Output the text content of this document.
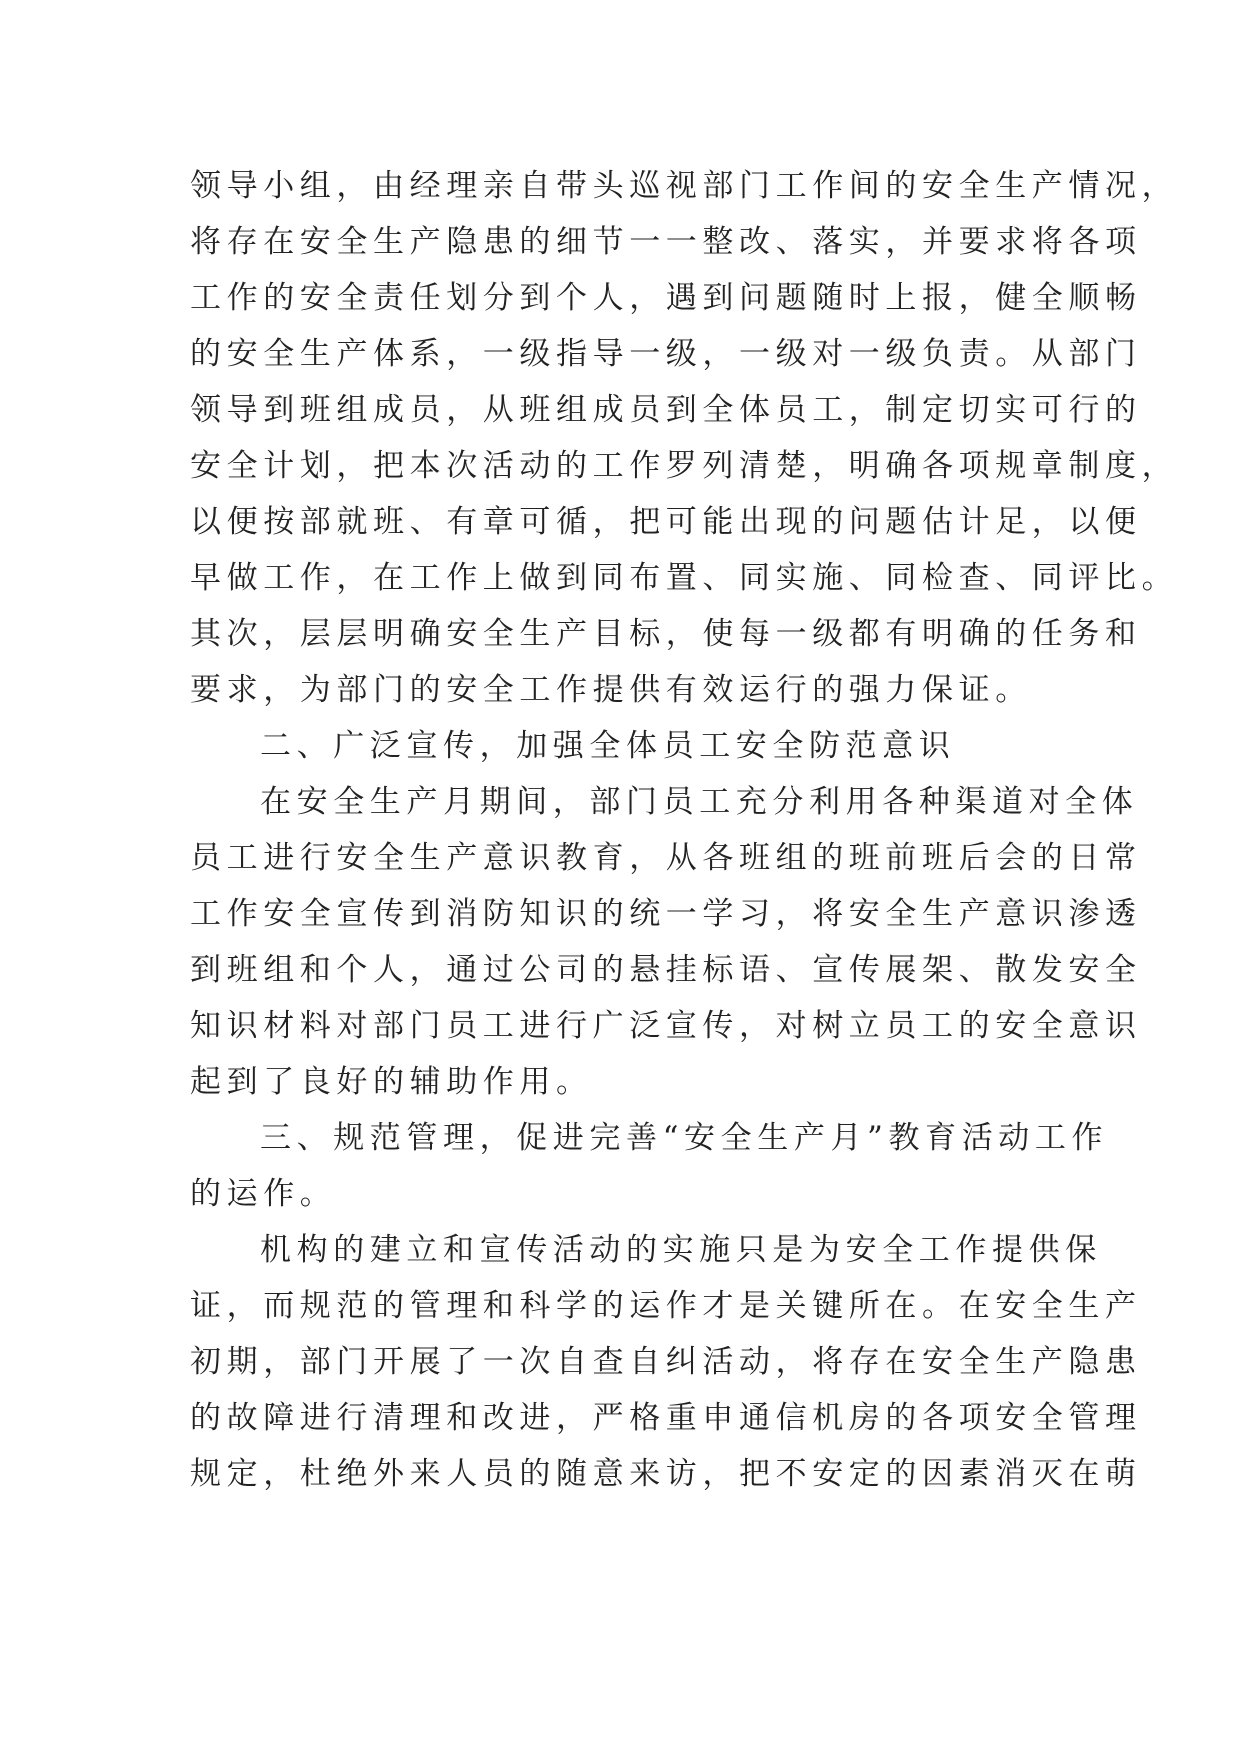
领导小组，由经理亲自带头巡视部门工作间的安全生产情况，

将存在安全生产隐患的细节一一整改、落实，并要求将各项

工作的安全责任划分到个人，遇到问题随时上报，健全顺畅

的安全生产体系，一级指导一级，一级对一级负责。从部门

领导到班组成员，从班组成员到全体员工，制定切实可行的

安全计划，把本次活动的工作罗列清楚，明确各项规章制度，

以便按部就班、有章可循，把可能出现的问题估计足，以便

早做工作，在工作上做到同布置、同实施、同检查、同评比。

其次，层层明确安全生产目标，使每一级都有明确的任务和

要求，为部门的安全工作提供有效运行的强力保证。

二、广泛宣传，加强全体员工安全防范意识

在安全生产月期间，部门员工充分利用各种渠道对全体

员工进行安全生产意识教育，从各班组的班前班后会的日常

工作安全宣传到消防知识的统一学习，将安全生产意识渗透

到班组和个人，通过公司的悬挂标语、宣传展架、散发安全

知识材料对部门员工进行广泛宣传，对树立员工的安全意识

起到了良好的辅助作用。

三、规范管理，促进完善“安全生产月”教育活动工作

的运作。

机构的建立和宣传活动的实施只是为安全工作提供保

证，而规范的管理和科学的运作才是关键所在。在安全生产

初期，部门开展了一次自查自纠活动，将存在安全生产隐患

的故障进行清理和改进，严格重申通信机房的各项安全管理

规定，杜绝外来人员的随意来访，把不安定的因素消灭在萌
